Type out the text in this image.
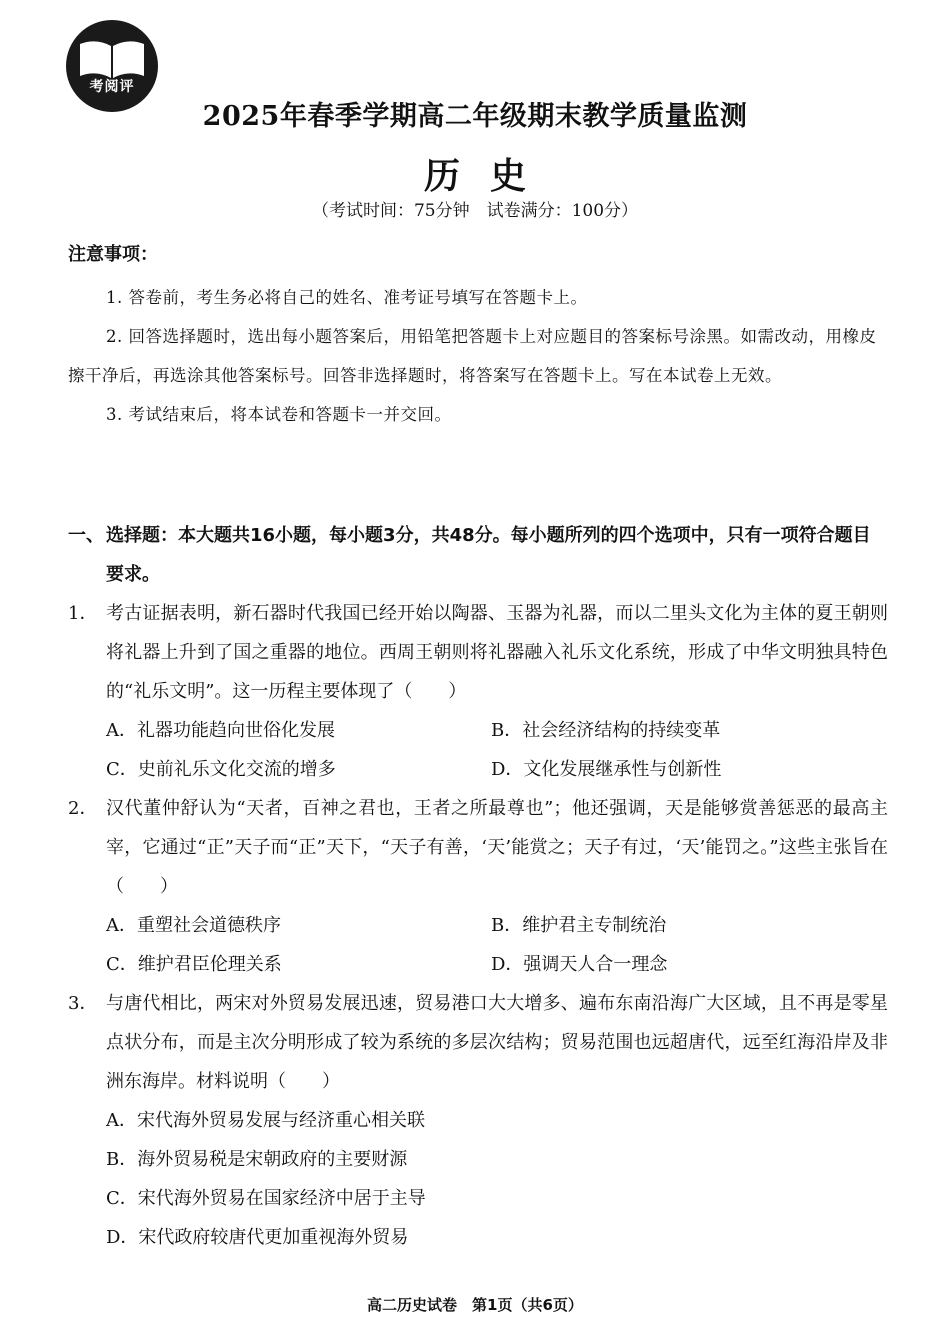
考阅评
2025年春季学期高二年级期末教学质量监测
历史
（考试时间：75分钟　试卷满分：100分）
注意事项：

1. 答卷前，考生务必将自己的姓名、准考证号填写在答题卡上。

2. 回答选择题时，选出每小题答案后，用铅笔把答题卡上对应题目的答案标号涂黑。如需改动，用橡皮擦干净后，再选涂其他答案标号。回答非选择题时，将答案写在答题卡上。写在本试卷上无效。

3. 考试结束后，将本试卷和答题卡一并交回。

一、 选择题：本大题共16小题，每小题3分，共48分。每小题所列的四个选项中，只有一项符合题目要求。
1． 考古证据表明，新石器时代我国已经开始以陶器、玉器为礼器，而以二里头文化为主体的夏王朝则将礼器上升到了国之重器的地位。西周王朝则将礼器融入礼乐文化系统，形成了中华文明独具特色的“礼乐文明”。这一历程主要体现了（　　）
A．礼器功能趋向世俗化发展	B．社会经济结构的持续变革
C．史前礼乐文化交流的增多	D．文化发展继承性与创新性
2． 汉代董仲舒认为“天者，百神之君也，王者之所最尊也”；他还强调，天是能够赏善惩恶的最高主宰，它通过“正”天子而“正”天下，“天子有善，‘天’能赏之；天子有过，‘天’能罚之。”这些主张旨在（　　）
A．重塑社会道德秩序	B．维护君主专制统治
C．维护君臣伦理关系	D．强调天人合一理念
3． 与唐代相比，两宋对外贸易发展迅速，贸易港口大大增多、遍布东南沿海广大区域，且不再是零星点状分布，而是主次分明形成了较为系统的多层次结构；贸易范围也远超唐代，远至红海沿岸及非洲东海岸。材料说明（　　）
A．宋代海外贸易发展与经济重心相关联
B．海外贸易税是宋朝政府的主要财源
C．宋代海外贸易在国家经济中居于主导
D．宋代政府较唐代更加重视海外贸易
高二历史试卷　第1页（共6页）
